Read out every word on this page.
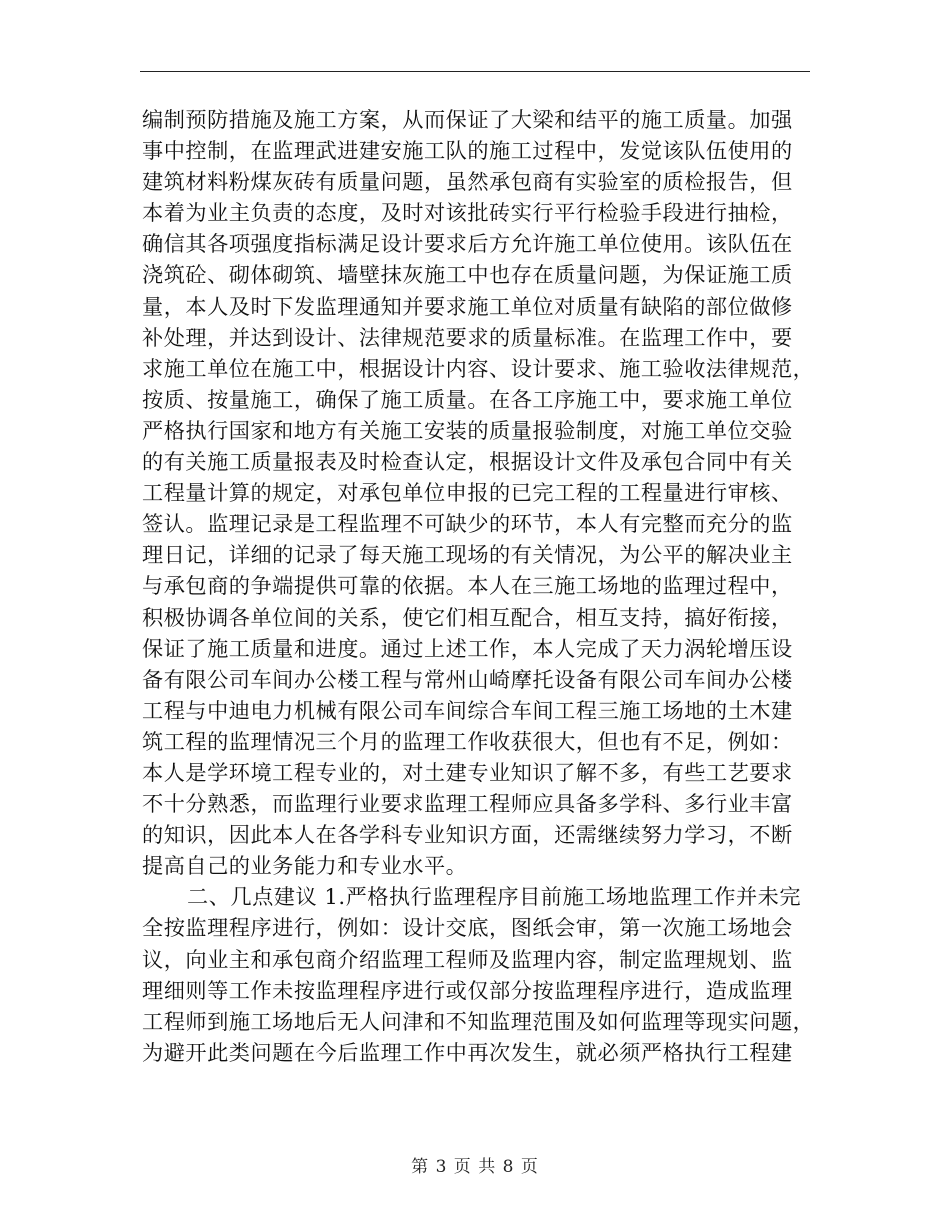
编制预防措施及施工方案，从而保证了大梁和结平的施工质量。加强
事中控制，在监理武进建安施工队的施工过程中，发觉该队伍使用的
建筑材料粉煤灰砖有质量问题，虽然承包商有实验室的质检报告，但
本着为业主负责的态度，及时对该批砖实行平行检验手段进行抽检，
确信其各项强度指标满足设计要求后方允许施工单位使用。该队伍在
浇筑砼、砌体砌筑、墙壁抹灰施工中也存在质量问题，为保证施工质
量，本人及时下发监理通知并要求施工单位对质量有缺陷的部位做修
补处理，并达到设计、法律规范要求的质量标准。在监理工作中，要
求施工单位在施工中，根据设计内容、设计要求、施工验收法律规范，
按质、按量施工，确保了施工质量。在各工序施工中，要求施工单位
严格执行国家和地方有关施工安装的质量报验制度，对施工单位交验
的有关施工质量报表及时检查认定，根据设计文件及承包合同中有关
工程量计算的规定，对承包单位申报的已完工程的工程量进行审核、
签认。监理记录是工程监理不可缺少的环节，本人有完整而充分的监
理日记，详细的记录了每天施工现场的有关情况，为公平的解决业主
与承包商的争端提供可靠的依据。本人在三施工场地的监理过程中，
积极协调各单位间的关系，使它们相互配合，相互支持，搞好衔接，
保证了施工质量和进度。通过上述工作，本人完成了天力涡轮增压设
备有限公司车间办公楼工程与常州山崎摩托设备有限公司车间办公楼
工程与中迪电力机械有限公司车间综合车间工程三施工场地的土木建
筑工程的监理情况三个月的监理工作收获很大，但也有不足，例如：
本人是学环境工程专业的，对土建专业知识了解不多，有些工艺要求
不十分熟悉，而监理行业要求监理工程师应具备多学科、多行业丰富
的知识，因此本人在各学科专业知识方面，还需继续努力学习，不断
提高自己的业务能力和专业水平。
二、几点建议 1.严格执行监理程序目前施工场地监理工作并未完
全按监理程序进行，例如：设计交底，图纸会审，第一次施工场地会
议，向业主和承包商介绍监理工程师及监理内容，制定监理规划、监
理细则等工作未按监理程序进行或仅部分按监理程序进行，造成监理
工程师到施工场地后无人问津和不知监理范围及如何监理等现实问题，
为避开此类问题在今后监理工作中再次发生，就必须严格执行工程建
第 3 页 共 8 页
